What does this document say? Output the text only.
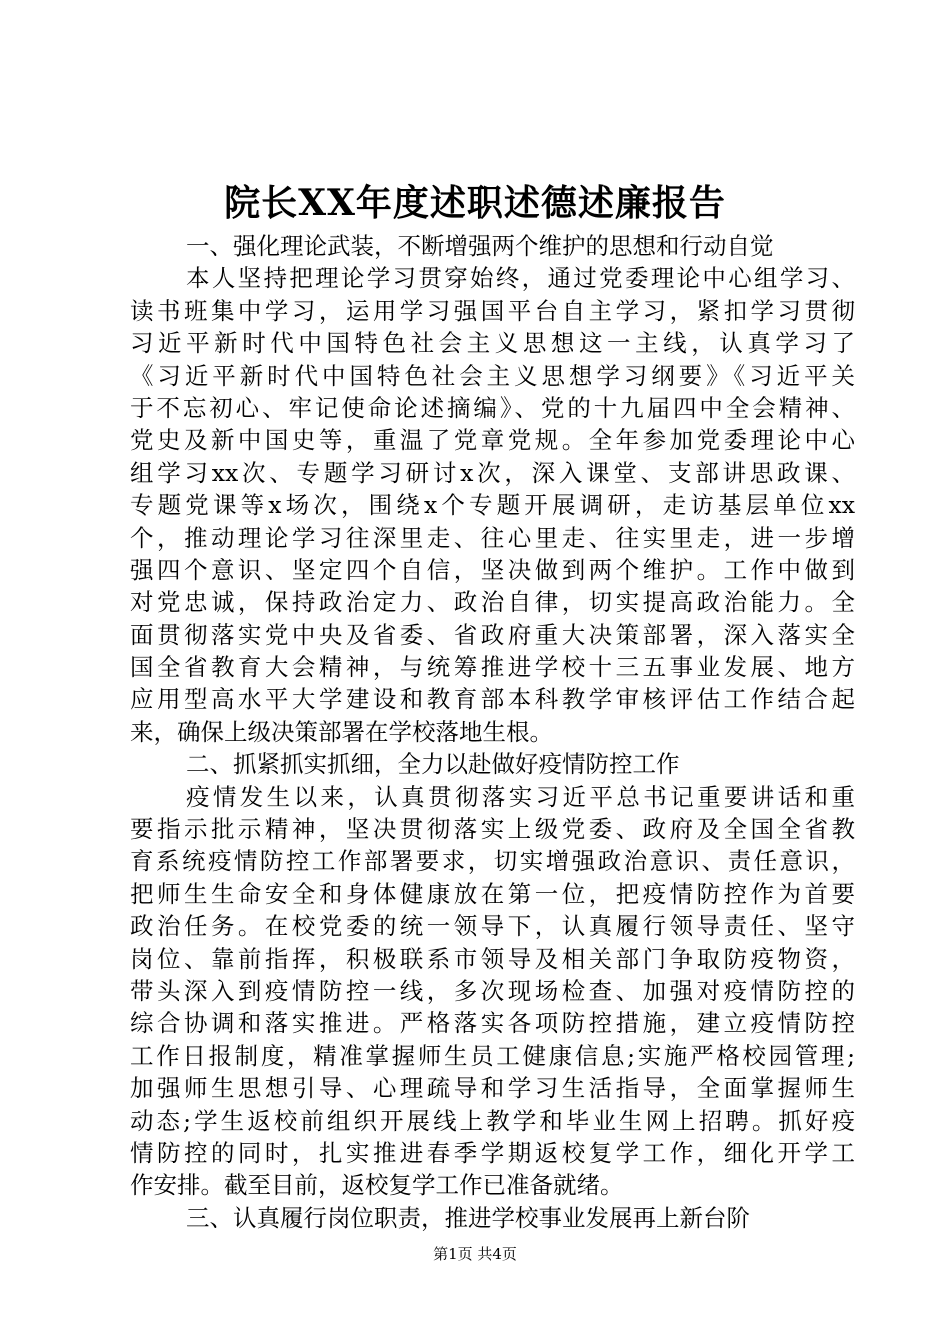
院长XX年度述职述德述廉报告
一、强化理论武装，不断增强两个维护的思想和行动自觉
本人坚持把理论学习贯穿始终，通过党委理论中心组学习、
读书班集中学习，运用学习强国平台自主学习，紧扣学习贯彻
习近平新时代中国特色社会主义思想这一主线，认真学习了
《习近平新时代中国特色社会主义思想学习纲要》《习近平关
于不忘初心、牢记使命论述摘编》、党的十九届四中全会精神、
党史及新中国史等，重温了党章党规。全年参加党委理论中心
组学习xx次、专题学习研讨x次，深入课堂、支部讲思政课、
专题党课等x场次，围绕x个专题开展调研，走访基层单位xx
个，推动理论学习往深里走、往心里走、往实里走，进一步增
强四个意识、坚定四个自信，坚决做到两个维护。工作中做到
对党忠诚，保持政治定力、政治自律，切实提高政治能力。全
面贯彻落实党中央及省委、省政府重大决策部署，深入落实全
国全省教育大会精神，与统筹推进学校十三五事业发展、地方
应用型高水平大学建设和教育部本科教学审核评估工作结合起
来，确保上级决策部署在学校落地生根。
二、抓紧抓实抓细，全力以赴做好疫情防控工作
疫情发生以来，认真贯彻落实习近平总书记重要讲话和重
要指示批示精神，坚决贯彻落实上级党委、政府及全国全省教
育系统疫情防控工作部署要求，切实增强政治意识、责任意识，
把师生生命安全和身体健康放在第一位，把疫情防控作为首要
政治任务。在校党委的统一领导下，认真履行领导责任、坚守
岗位、靠前指挥，积极联系市领导及相关部门争取防疫物资，
带头深入到疫情防控一线，多次现场检查、加强对疫情防控的
综合协调和落实推进。严格落实各项防控措施，建立疫情防控
工作日报制度，精准掌握师生员工健康信息;实施严格校园管理;
加强师生思想引导、心理疏导和学习生活指导，全面掌握师生
动态;学生返校前组织开展线上教学和毕业生网上招聘。抓好疫
情防控的同时，扎实推进春季学期返校复学工作，细化开学工
作安排。截至目前，返校复学工作已准备就绪。
三、认真履行岗位职责，推进学校事业发展再上新台阶
第1页 共4页
